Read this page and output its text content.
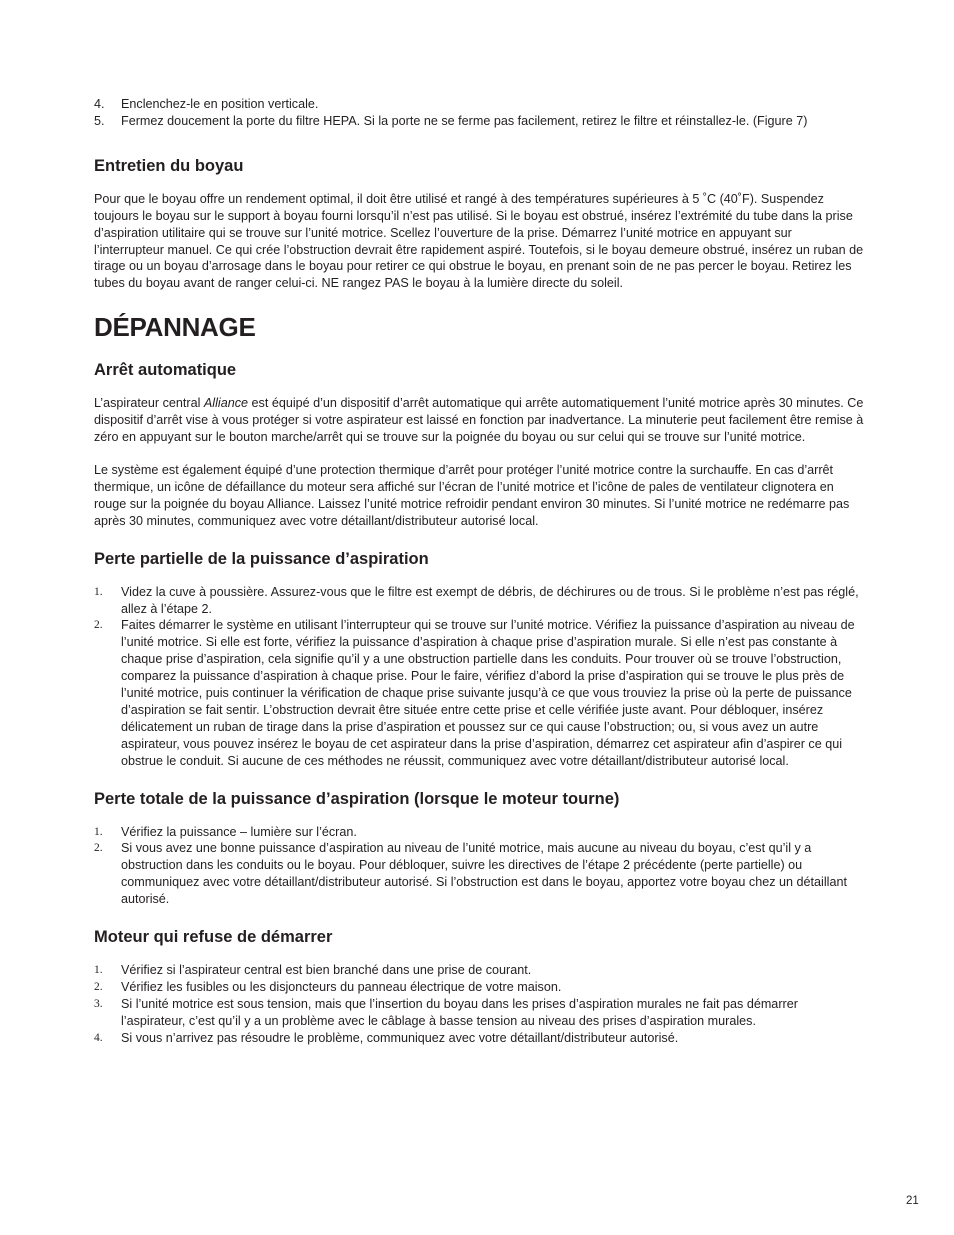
4. Enclenchez-le en position verticale.
5. Fermez doucement la porte du filtre HEPA. Si la porte ne se ferme pas facilement, retirez le filtre et réinstallez-le. (Figure 7)
Entretien du boyau

Pour que le boyau offre un rendement optimal, il doit être utilisé et rangé à des températures supérieures à 5 ˚C (40˚F). Suspendez toujours le boyau sur le support à boyau fourni lorsqu’il n’est pas utilisé. Si le boyau est obstrué, insérez l’extrémité du tube dans la prise d’aspiration utilitaire qui se trouve sur l’unité motrice. Scellez l’ouverture de la prise. Démarrez l’unité motrice en appuyant sur l’interrupteur manuel. Ce qui crée l’obstruction devrait être rapidement aspiré. Toutefois, si le boyau demeure obstrué, insérez un ruban de tirage ou un boyau d’arrosage dans le boyau pour retirer ce qui obstrue le boyau, en prenant soin de ne pas percer le boyau. Retirez les tubes du boyau avant de ranger celui-ci. NE rangez PAS le boyau à la lumière directe du soleil.

DÉPANNAGE
Arrêt automatique

L’aspirateur central Alliance est équipé d’un dispositif d’arrêt automatique qui arrête automatiquement l’unité motrice après 30 minutes. Ce dispositif d’arrêt vise à vous protéger si votre aspirateur est laissé en fonction par inadvertance. La minuterie peut facilement être remise à zéro en appuyant sur le bouton marche/arrêt qui se trouve sur la poignée du boyau ou sur celui qui se trouve sur l’unité motrice.

Le système est également équipé d’une protection thermique d’arrêt pour protéger l’unité motrice contre la surchauffe. En cas d’arrêt thermique, un icône de défaillance du moteur sera affiché sur l’écran de l’unité motrice et l’icône de pales de ventilateur clignotera en rouge sur la poignée du boyau Alliance. Laissez l’unité motrice refroidir pendant environ 30 minutes. Si l’unité motrice ne redémarre pas après 30 minutes, communiquez avec votre détaillant/distributeur autorisé local.

Perte partielle de la puissance d’aspiration
1. Videz la cuve à poussière. Assurez-vous que le filtre est exempt de débris, de déchirures ou de trous. Si le problème n’est pas réglé, allez à l’étape 2.
2. Faites démarrer le système en utilisant l’interrupteur qui se trouve sur l’unité motrice. Vérifiez la puissance d’aspiration au niveau de l’unité motrice. Si elle est forte, vérifiez la puissance d’aspiration à chaque prise d’aspiration murale. Si elle n’est pas constante à chaque prise d’aspiration, cela signifie qu’il y a une obstruction partielle dans les conduits. Pour trouver où se trouve l’obstruction, comparez la puissance d’aspiration à chaque prise. Pour le faire, vérifiez d’abord la prise d’aspiration qui se trouve le plus près de l’unité motrice, puis continuer la vérification de chaque prise suivante jusqu’à ce que vous trouviez la prise où la perte de puissance d’aspiration se fait sentir. L’obstruction devrait être située entre cette prise et celle vérifiée juste avant. Pour débloquer, insérez délicatement un ruban de tirage dans la prise d’aspiration et poussez sur ce qui cause l’obstruction; ou, si vous avez un autre aspirateur, vous pouvez insérez le boyau de cet aspirateur dans la prise d’aspiration, démarrez cet aspirateur afin d’aspirer ce qui obstrue le conduit. Si aucune de ces méthodes ne réussit, communiquez avec votre détaillant/distributeur autorisé local.
Perte totale de la puissance d’aspiration (lorsque le moteur tourne)
1. Vérifiez la puissance – lumière sur l’écran.
2. Si vous avez une bonne puissance d’aspiration au niveau de l’unité motrice, mais aucune au niveau du boyau, c’est qu’il y a obstruction dans les conduits ou le boyau. Pour débloquer, suivre les directives de l’étape 2 précédente (perte partielle) ou communiquez avec votre détaillant/distributeur autorisé. Si l’obstruction est dans le boyau, apportez votre boyau chez un détaillant autorisé.
Moteur qui refuse de démarrer
1. Vérifiez si l’aspirateur central est bien branché dans une prise de courant.
2. Vérifiez les fusibles ou les disjoncteurs du panneau électrique de votre maison.
3. Si l’unité motrice est sous tension, mais que l’insertion du boyau dans les prises d’aspiration murales ne fait pas démarrer l’aspirateur, c’est qu’il y a un problème avec le câblage à basse tension au niveau des prises d’aspiration murales.
4. Si vous n’arrivez pas résoudre le problème, communiquez avec votre détaillant/distributeur autorisé.
21
